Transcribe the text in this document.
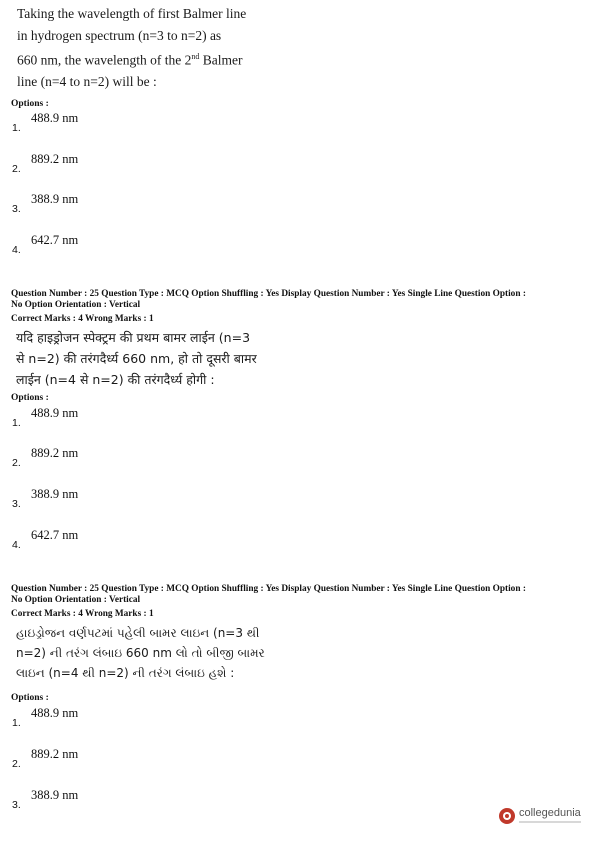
Taking the wavelength of first Balmer line
in hydrogen spectrum (n=3 to n=2) as
660 nm, the wavelength of the 2nd Balmer
line (n=4 to n=2) will be :
Options :
488.9 nm
1.
889.2 nm
2.
388.9 nm
3.
642.7 nm
4.
Question Number : 25 Question Type : MCQ Option Shuffling : Yes Display Question Number : Yes Single Line Question Option :
No Option Orientation : Vertical
Correct Marks : 4 Wrong Marks : 1
यदि हाइड्रोजन स्पेक्ट्रम की प्रथम बामर लाईन (n=3
से n=2) की तरंगदैर्ध्य 660 nm, हो तो दूसरी बामर
लाईन (n=4 से n=2) की तरंगदैर्ध्य होगी :
Options :
488.9 nm
1.
889.2 nm
2.
388.9 nm
3.
642.7 nm
4.
Question Number : 25 Question Type : MCQ Option Shuffling : Yes Display Question Number : Yes Single Line Question Option :
No Option Orientation : Vertical
Correct Marks : 4 Wrong Marks : 1
હાઇડ્રોજન વર્ણપટમાં પહેલી બામર લાઇન (n=3 થી
n=2) ની તરંગ લંબાઇ 660 nm લો તો બીજી બામર
લાઇન (n=4 થી n=2) ની તરંગ લંબાઇ હશે :
Options :
488.9 nm
1.
889.2 nm
2.
388.9 nm
3.
collegedunia
